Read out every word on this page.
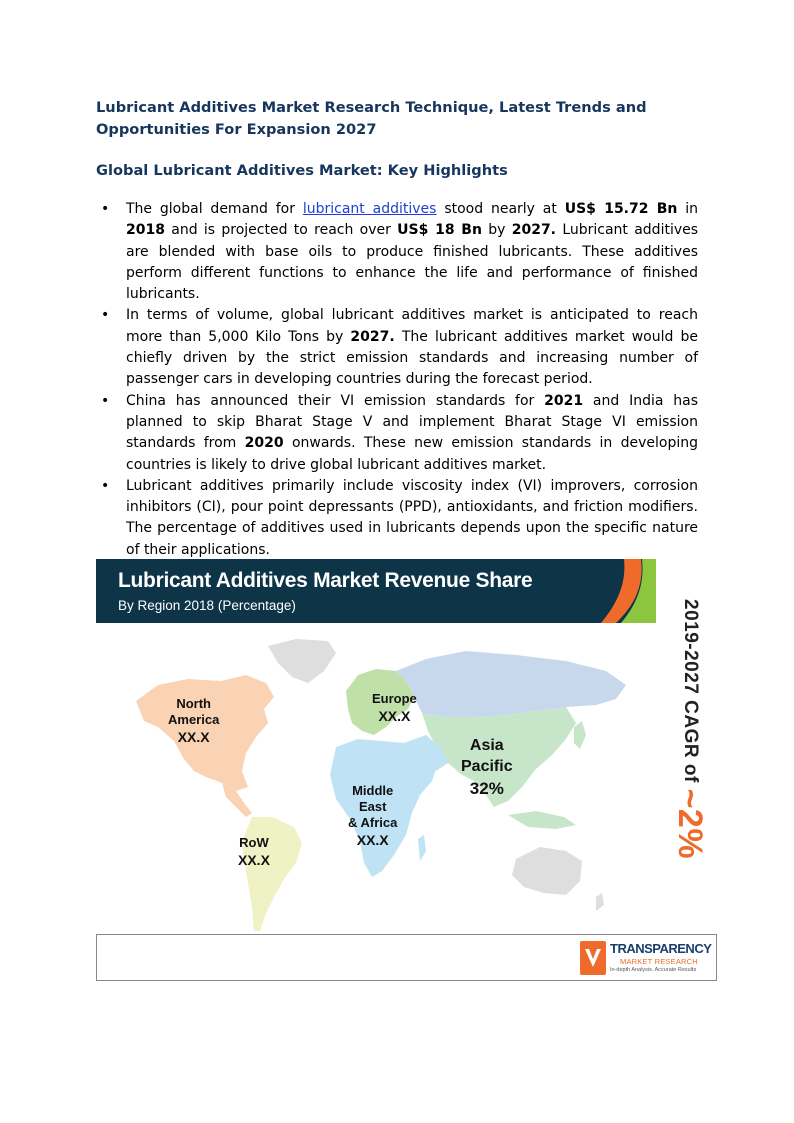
Lubricant Additives Market Research Technique, Latest Trends and Opportunities For Expansion 2027
Global Lubricant Additives Market: Key Highlights
• The global demand for lubricant additives stood nearly at US$ 15.72 Bn in 2018 and is projected to reach over US$ 18 Bn by 2027. Lubricant additives are blended with base oils to produce finished lubricants. These additives perform different functions to enhance the life and performance of finished lubricants.
• In terms of volume, global lubricant additives market is anticipated to reach more than 5,000 Kilo Tons by 2027. The lubricant additives market would be chiefly driven by the strict emission standards and increasing number of passenger cars in developing countries during the forecast period.
• China has announced their VI emission standards for 2021 and India has planned to skip Bharat Stage V and implement Bharat Stage VI emission standards from 2020 onwards. These new emission standards in developing countries is likely to drive global lubricant additives market.
• Lubricant additives primarily include viscosity index (VI) improvers, corrosion inhibitors (CI), pour point depressants (PPD), antioxidants, and friction modifiers. The percentage of additives used in lubricants depends upon the specific nature of their applications.
Lubricant Additives Market Revenue Share
By Region 2018 (Percentage)	2019-2027 CAGR of ~2%
North
America
XX.X
Europe
XX.X
Asia
Pacific
32%
Middle
East
& Africa
XX.X
RoW
XX.X
TRANSPARENCY
MARKET RESEARCH
In-depth Analysis. Accurate Results
